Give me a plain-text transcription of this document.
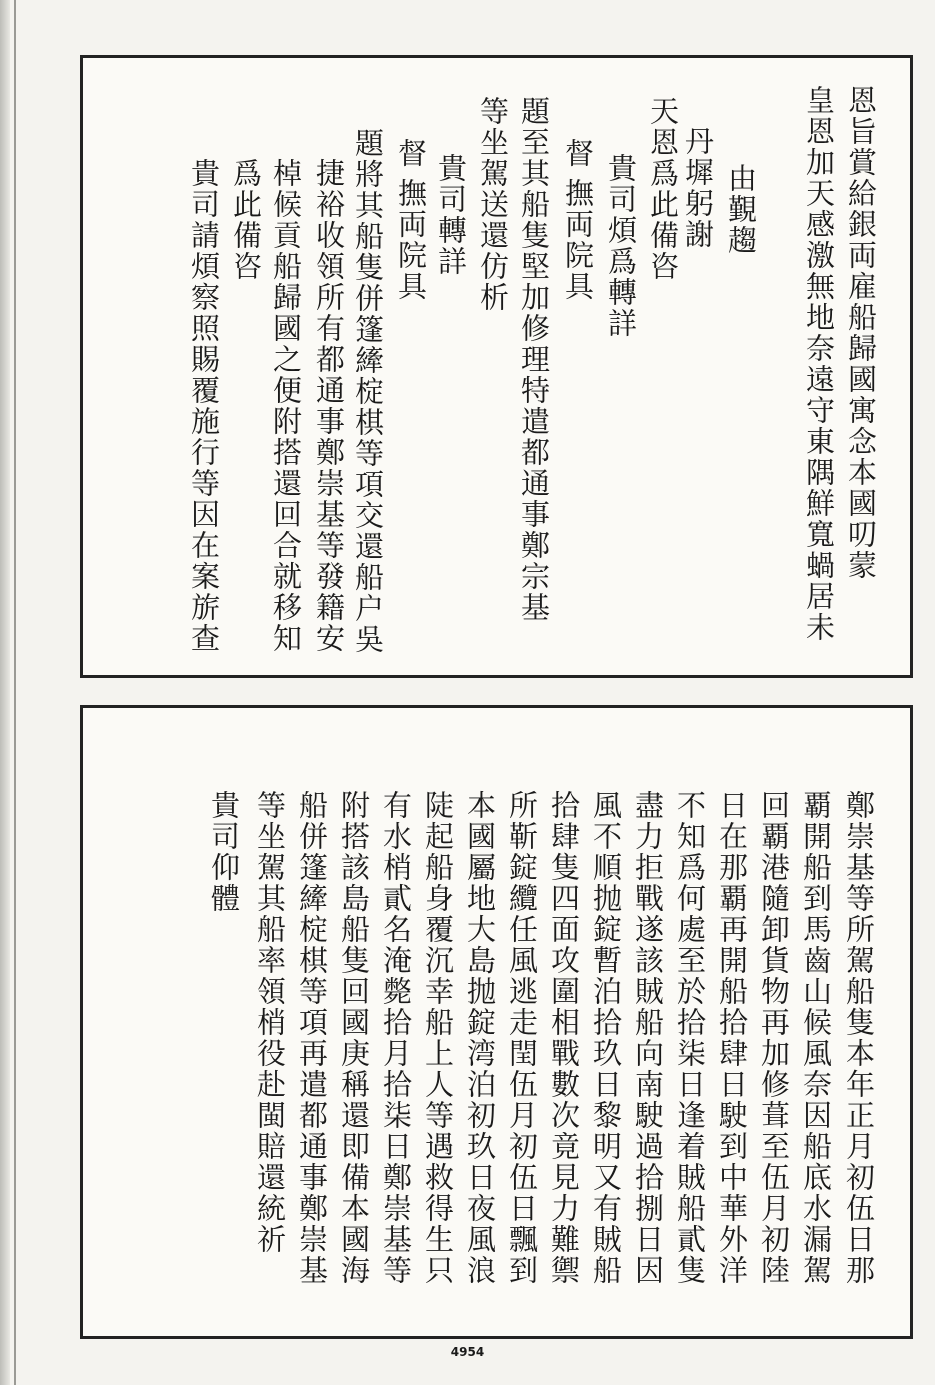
恩旨賞給銀両雇船歸國寓念本國叨蒙
皇恩加天感激無地奈遠守東隅鮮寬蝸居未
由覲趨
丹墀躬謝
天恩爲此備咨
貴司煩爲轉詳
督
撫両院具
題至其船隻堅加修理特遣都通事鄭宗基
等坐駕送還仿析
貴司轉詳
督
撫両院具
題將其船隻併篷縴椗棋等項交還船户吳
捷裕收領所有都通事鄭崇基等發籍安
棹候貢船歸國之便附搭還回合就移知
爲此備咨
貴司請煩察照賜覆施行等因在案旂查
鄭崇基等所駕船隻本年正月初伍日那
覇開船到馬齒山候風奈因船底水漏駕
回覇港隨卸貨物再加修葺至伍月初陸
日在那覇再開船拾肆日駛到中華外洋
不知爲何處至於拾柒日逢着賊船貳隻
盡力拒戰遂該賊船向南駛過拾捌日因
風不順抛錠暫泊拾玖日黎明又有賊船
拾肆隻四面攻圍相戰數次竟見力難禦
所靳錠纜任風逃走閏伍月初伍日飄到
本國屬地大島抛錠湾泊初玖日夜風浪
陡起船身覆沉幸船上人等遇救得生只
有水梢貳名淹斃拾月拾柒日鄭崇基等
附搭該島船隻回國庚稱還即備本國海
船併篷縴椗棋等項再遣都通事鄭崇基
等坐駕其船率領梢役赴閩賠還統祈
貴司仰體
4954
